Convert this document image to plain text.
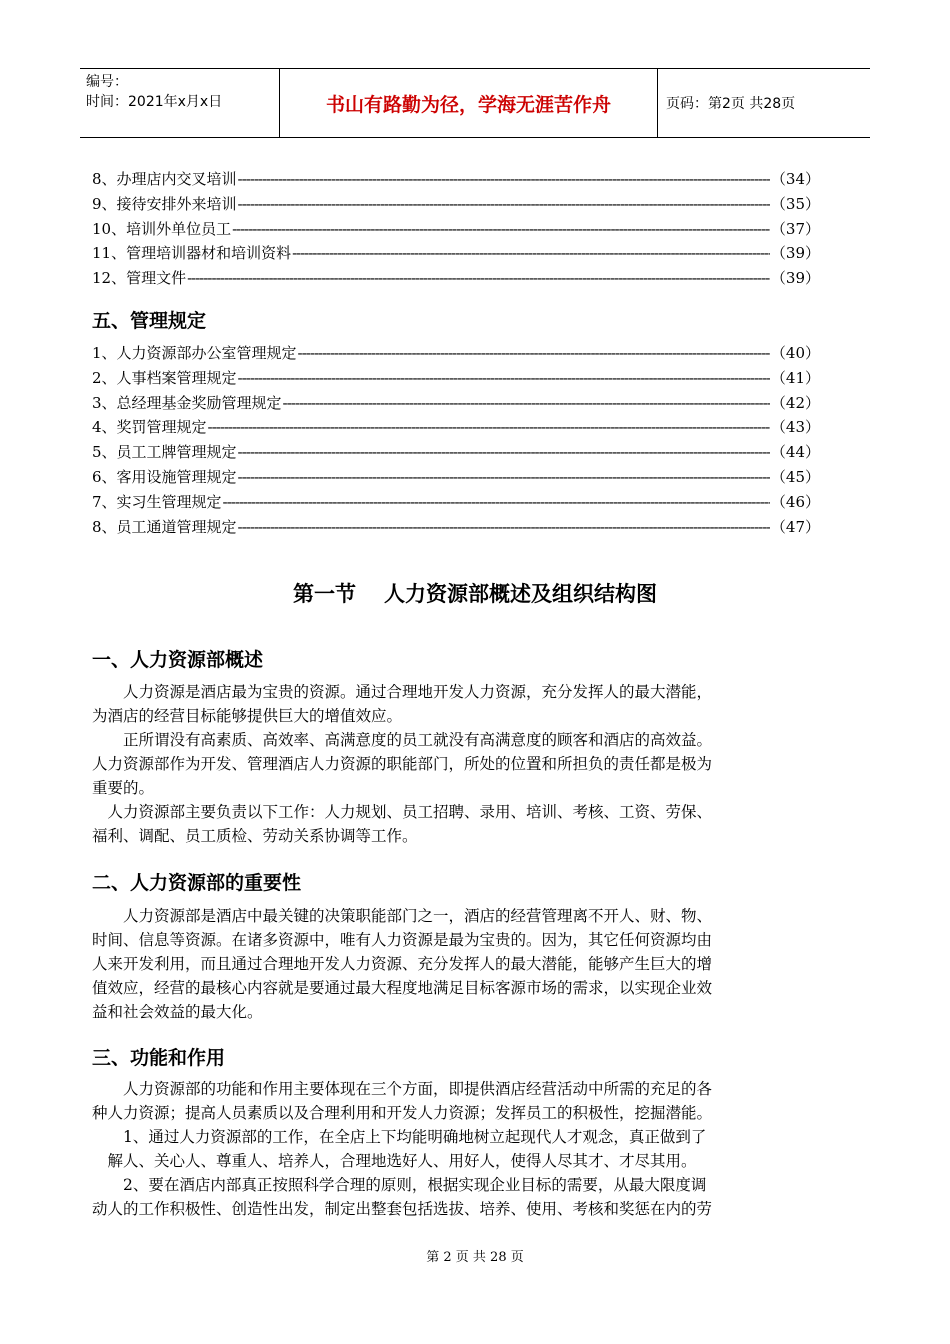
编号：
时间：2021年x月x日	书山有路勤为径，学海无涯苦作舟	页码：第2页 共28页
8、办理店内交叉培训 -----	（34）
9、接待安排外来培训 -----	（35）
10、培训外单位员工 -----	（37）
11、管理培训器材和培训资料 -----	（39）
12、管理文件 -----	（39）
五、管理规定
1、人力资源部办公室管理规定 -----	（40）
2、人事档案管理规定 -----	（41）
3、总经理基金奖励管理规定 -----	（42）
4、奖罚管理规定 -----	（43）
5、员工工牌管理规定 -----	（44）
6、客用设施管理规定 -----	（45）
7、实习生管理规定 -----	（46）
8、员工通道管理规定 -----	（47）
第一节 人力资源部概述及组织结构图
一、人力资源部概述

　　人力资源是酒店最为宝贵的资源。通过合理地开发人力资源，充分发挥人的最大潜能，

为酒店的经营目标能够提供巨大的增值效应。

　　正所谓没有高素质、高效率、高满意度的员工就没有高满意度的顾客和酒店的高效益。

人力资源部作为开发、管理酒店人力资源的职能部门，所处的位置和所担负的责任都是极为

重要的。

　人力资源部主要负责以下工作：人力规划、员工招聘、录用、培训、考核、工资、劳保、

福利、调配、员工质检、劳动关系协调等工作。

二、人力资源部的重要性

　　人力资源部是酒店中最关键的决策职能部门之一，酒店的经营管理离不开人、财、物、

时间、信息等资源。在诸多资源中，唯有人力资源是最为宝贵的。因为，其它任何资源均由

人来开发利用，而且通过合理地开发人力资源、充分发挥人的最大潜能，能够产生巨大的增

值效应，经营的最核心内容就是要通过最大程度地满足目标客源市场的需求，以实现企业效

益和社会效益的最大化。

三、功能和作用

　　人力资源部的功能和作用主要体现在三个方面，即提供酒店经营活动中所需的充足的各

种人力资源；提高人员素质以及合理利用和开发人力资源；发挥员工的积极性，挖掘潜能。

　　1、通过人力资源部的工作，在全店上下均能明确地树立起现代人才观念，真正做到了

　解人、关心人、尊重人、培养人，合理地选好人、用好人，使得人尽其才、才尽其用。

　　2、要在酒店内部真正按照科学合理的原则，根据实现企业目标的需要，从最大限度调

动人的工作积极性、创造性出发，制定出整套包括选拔、培养、使用、考核和奖惩在内的劳

第 2 页 共 28 页
